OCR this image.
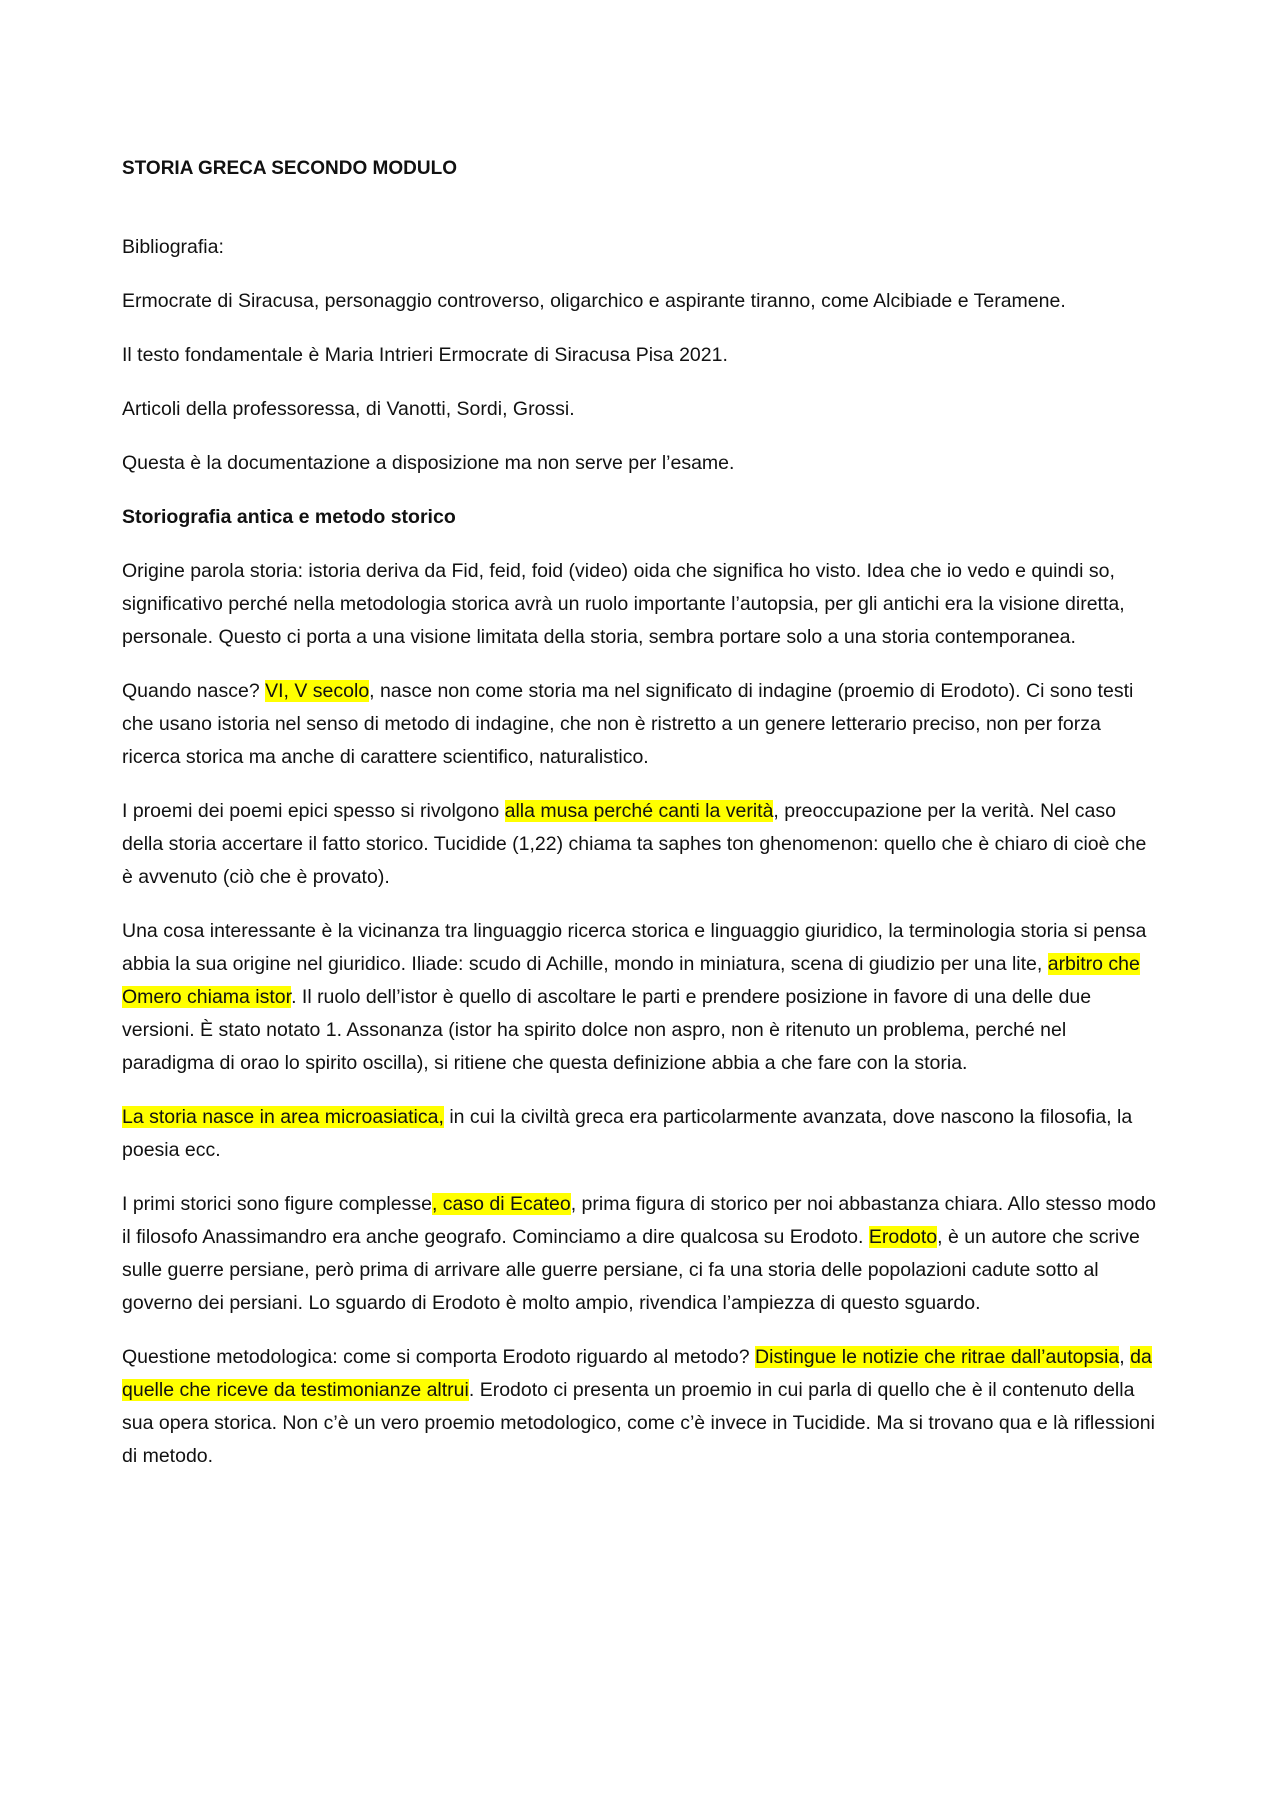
STORIA GRECA SECONDO MODULO
Bibliografia:
Ermocrate di Siracusa, personaggio controverso, oligarchico e aspirante tiranno, come Alcibiade e Teramene.
Il testo fondamentale è Maria Intrieri Ermocrate di Siracusa Pisa 2021.
Articoli della professoressa, di Vanotti, Sordi, Grossi.
Questa è la documentazione a disposizione ma non serve per l’esame.
Storiografia antica e metodo storico
Origine parola storia: istoria deriva da Fid, feid, foid (video) oida che significa ho visto. Idea che io vedo e quindi so, significativo perché nella metodologia storica avrà un ruolo importante l’autopsia, per gli antichi era la visione diretta, personale. Questo ci porta a una visione limitata della storia, sembra portare solo a una storia contemporanea.
Quando nasce? VI, V secolo, nasce non come storia ma nel significato di indagine (proemio di Erodoto). Ci sono testi che usano istoria nel senso di metodo di indagine, che non è ristretto a un genere letterario preciso, non per forza ricerca storica ma anche di carattere scientifico, naturalistico.
I proemi dei poemi epici spesso si rivolgono alla musa perché canti la verità, preoccupazione per la verità. Nel caso della storia accertare il fatto storico. Tucidide (1,22) chiama ta saphes ton ghenomenon: quello che è chiaro di cioè che è avvenuto (ciò che è provato).
Una cosa interessante è la vicinanza tra linguaggio ricerca storica e linguaggio giuridico, la terminologia storia si pensa abbia la sua origine nel giuridico. Iliade: scudo di Achille, mondo in miniatura, scena di giudizio per una lite, arbitro che Omero chiama istor. Il ruolo dell’istor è quello di ascoltare le parti e prendere posizione in favore di una delle due versioni. È stato notato 1. Assonanza (istor ha spirito dolce non aspro, non è ritenuto un problema, perché nel paradigma di orao lo spirito oscilla), si ritiene che questa definizione abbia a che fare con la storia.
La storia nasce in area microasiatica, in cui la civiltà greca era particolarmente avanzata, dove nascono la filosofia, la poesia ecc.
I primi storici sono figure complesse, caso di Ecateo, prima figura di storico per noi abbastanza chiara. Allo stesso modo il filosofo Anassimandro era anche geografo. Cominciamo a dire qualcosa su Erodoto. Erodoto, è un autore che scrive sulle guerre persiane, però prima di arrivare alle guerre persiane, ci fa una storia delle popolazioni cadute sotto al governo dei persiani. Lo sguardo di Erodoto è molto ampio, rivendica l’ampiezza di questo sguardo.
Questione metodologica: come si comporta Erodoto riguardo al metodo? Distingue le notizie che ritrae dall’autopsia, da quelle che riceve da testimonianze altrui. Erodoto ci presenta un proemio in cui parla di quello che è il contenuto della sua opera storica. Non c’è un vero proemio metodologico, come c’è invece in Tucidide. Ma si trovano qua e là riflessioni di metodo.
